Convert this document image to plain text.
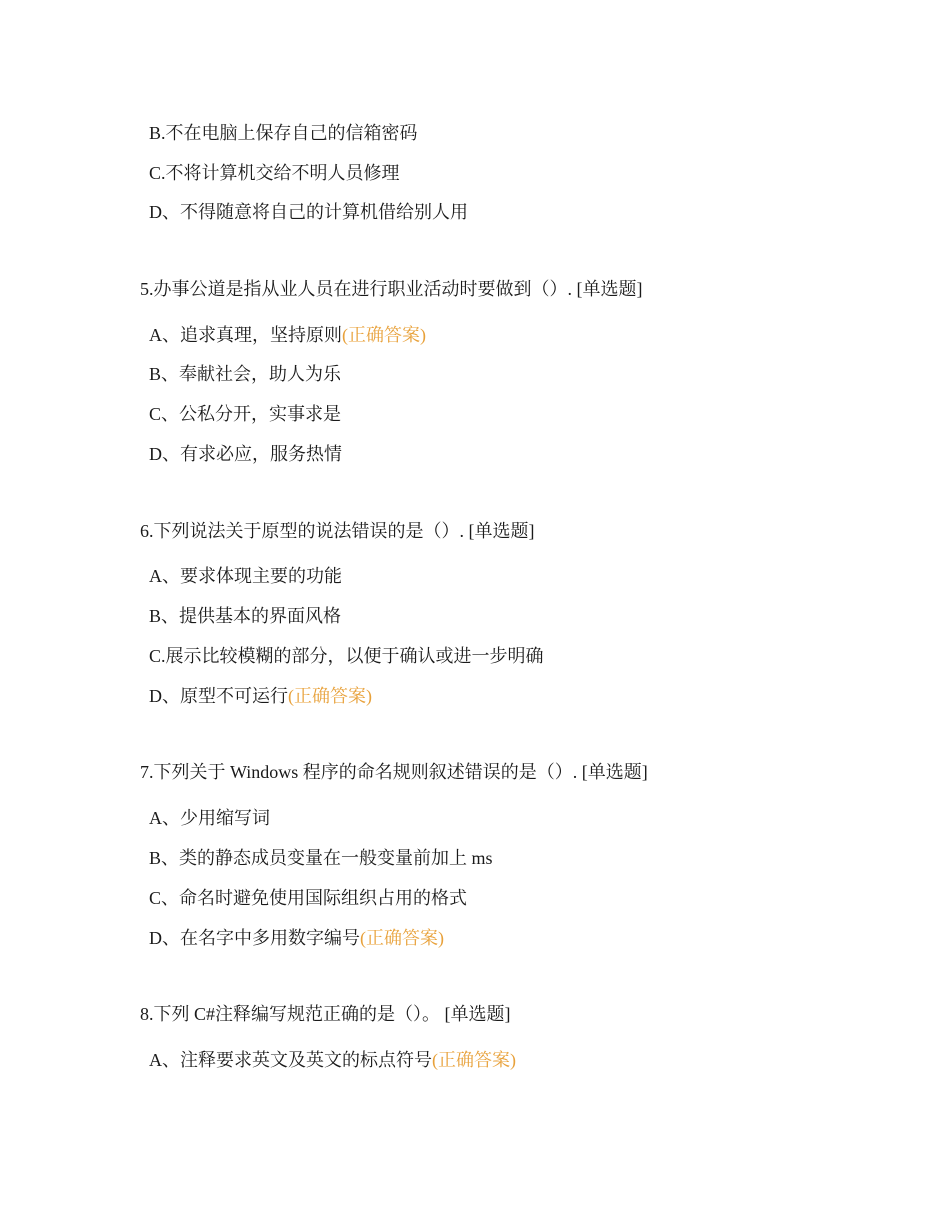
B.不在电脑上保存自己的信箱密码
C.不将计算机交给不明人员修理
D、不得随意将自己的计算机借给别人用
5.办事公道是指从业人员在进行职业活动时要做到（）. [单选题]
A、追求真理，坚持原则(正确答案)
B、奉献社会，助人为乐
C、公私分开，实事求是
D、有求必应，服务热情
6.下列说法关于原型的说法错误的是（）. [单选题]
A、要求体现主要的功能
B、提供基本的界面风格
C.展示比较模糊的部分，以便于确认或进一步明确
D、原型不可运行(正确答案)
7.下列关于 Windows 程序的命名规则叙述错误的是（）. [单选题]
A、少用缩写词
B、类的静态成员变量在一般变量前加上 ms
C、命名时避免使用国际组织占用的格式
D、在名字中多用数字编号(正确答案)
8.下列 C#注释编写规范正确的是（）。 [单选题]
A、注释要求英文及英文的标点符号(正确答案)
